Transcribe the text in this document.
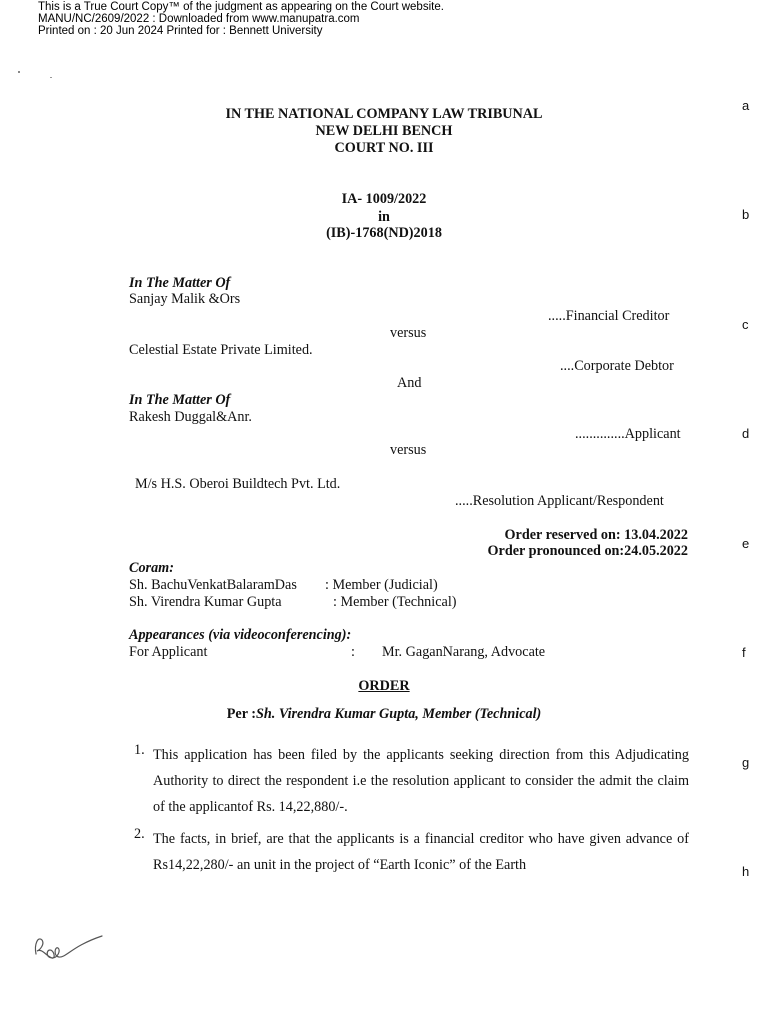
This is a True Court Copy™ of the judgment as appearing on the Court website.
MANU/NC/2609/2022 : Downloaded from www.manupatra.com
Printed on : 20 Jun 2024 Printed for : Bennett University
a
b
c
d
e
f
g
h
IN THE NATIONAL COMPANY LAW TRIBUNAL
NEW DELHI BENCH
COURT NO. III
IA- 1009/2022
in
(IB)-1768(ND)2018
In The Matter Of
Sanjay Malik &Ors
.....Financial Creditor
versus
Celestial Estate Private Limited.
....Corporate Debtor
And
In The Matter Of
Rakesh Duggal&Anr.
..............Applicant
versus
M/s H.S. Oberoi Buildtech Pvt. Ltd.
.....Resolution Applicant/Respondent
Order reserved on: 13.04.2022
Order pronounced on:24.05.2022
Coram:
Sh. BachuVenkatBalaramDas : Member (Judicial)
Sh. Virendra Kumar Gupta	: Member (Technical)
Appearances (via videoconferencing):
For Applicant	: Mr. GaganNarang, Advocate
ORDER
Per :Sh. Virendra Kumar Gupta, Member (Technical)
1. This application has been filed by the applicants seeking direction from this Adjudicating Authority to direct the respondent i.e the resolution applicant to consider the admit the claim of the applicantof Rs. 14,22,880/-.
2. The facts, in brief, are that the applicants is a financial creditor who have given advance of Rs14,22,280/- an unit in the project of “Earth Iconic” of the Earth
